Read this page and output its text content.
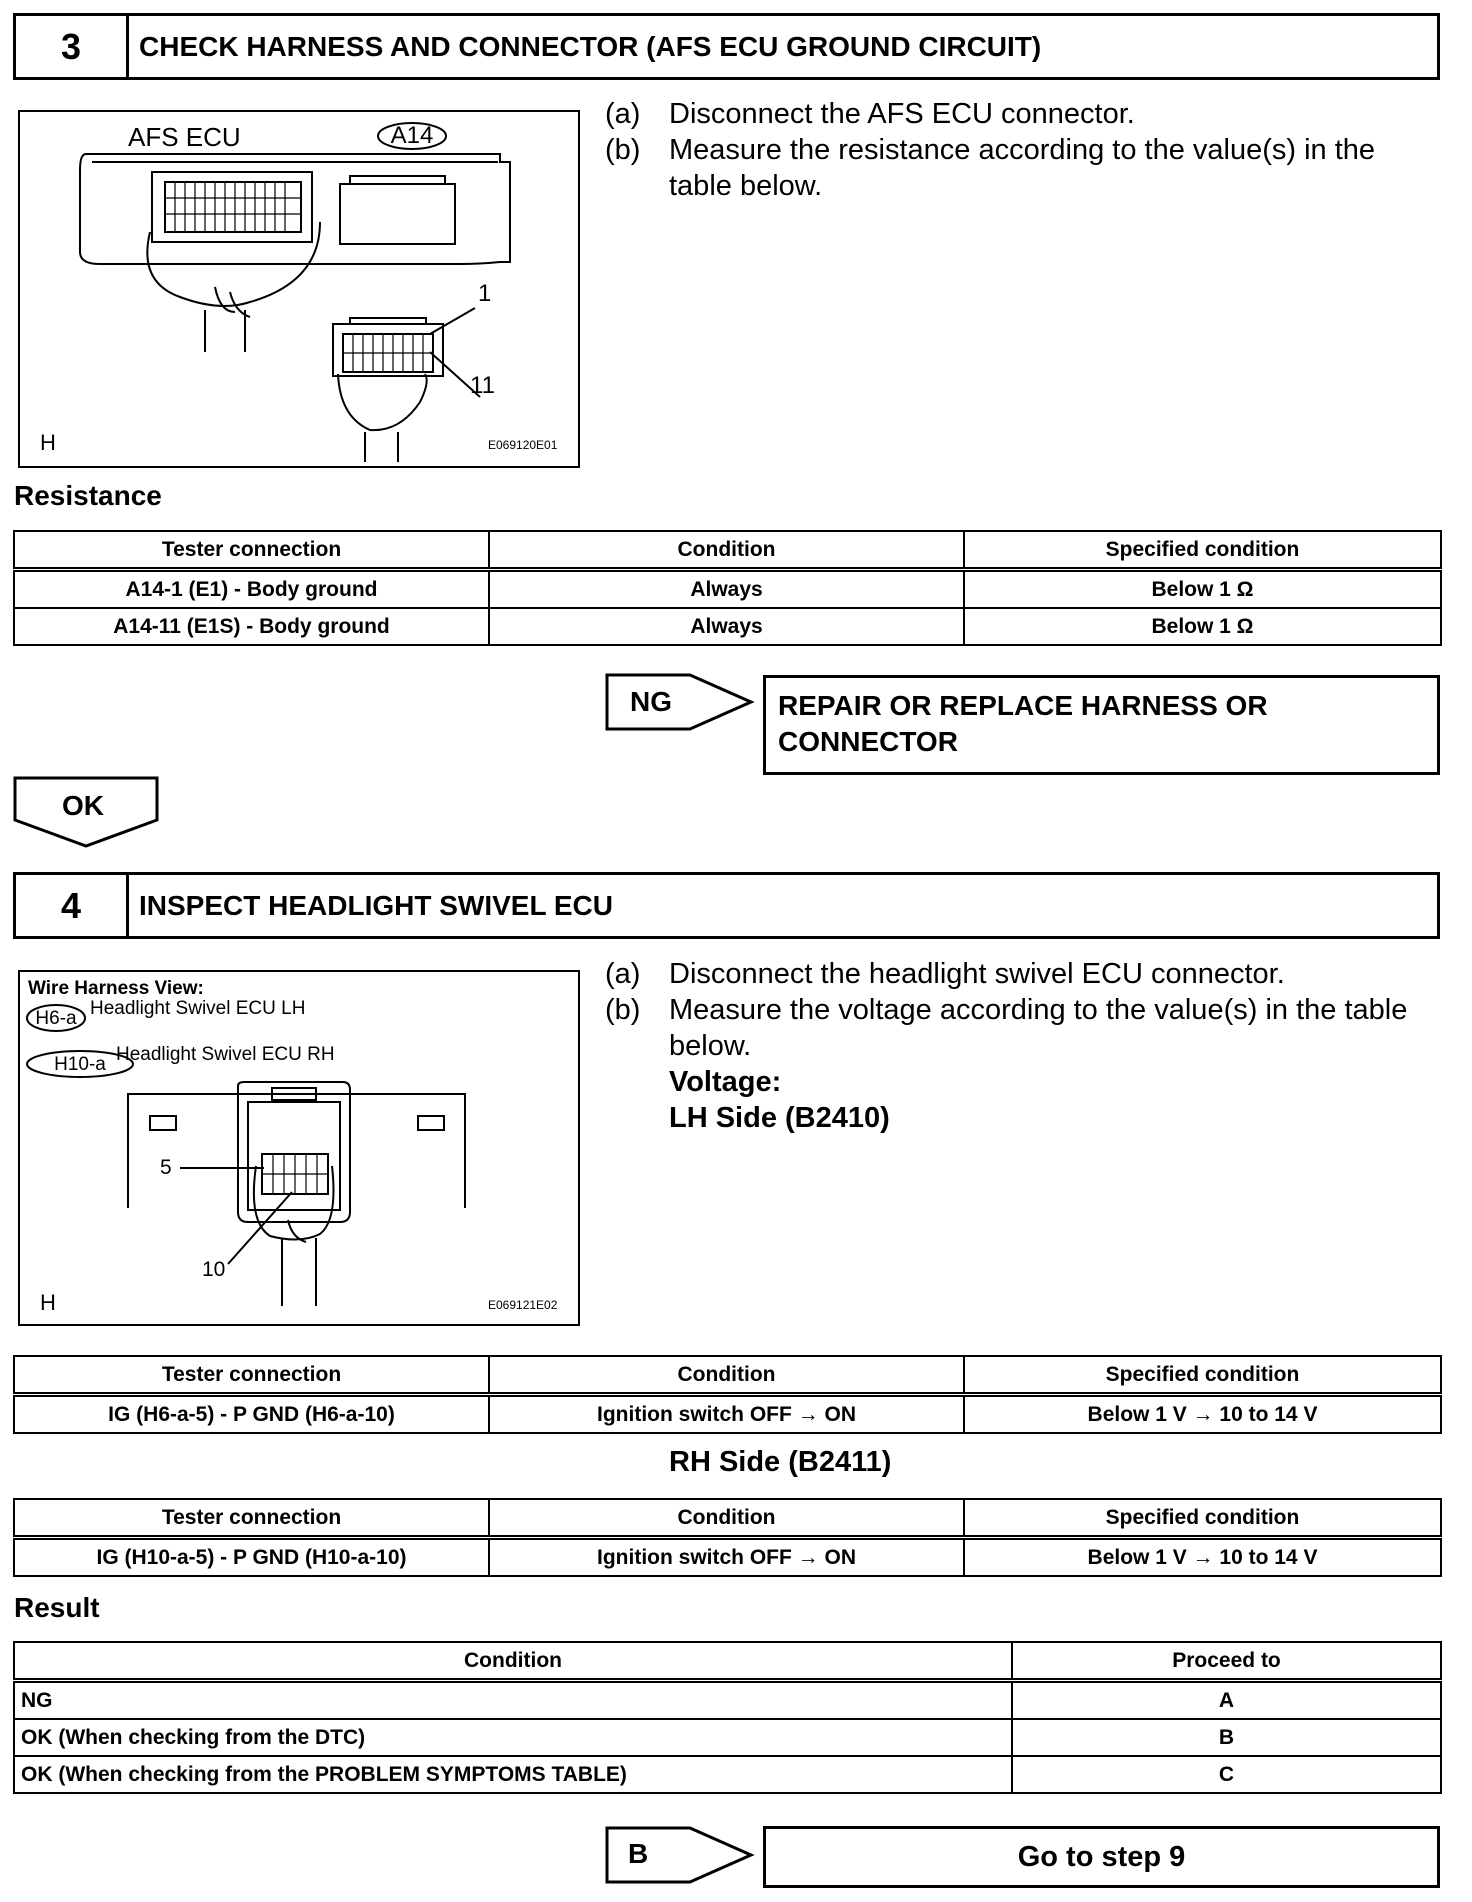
3	CHECK HARNESS AND CONNECTOR (AFS ECU GROUND CIRCUIT)
AFS ECU	A14
1
11
H	E069120E01
(a) Disconnect the AFS ECU connector.
(b) Measure the resistance according to the value(s) in the table below.
Resistance
Tester connection	Condition	Specified condition
A14-1 (E1) - Body ground	Always	Below 1 Ω
A14-11 (E1S) - Body ground	Always	Below 1 Ω
NG	REPAIR OR REPLACE HARNESS OR CONNECTOR
OK
4	INSPECT HEADLIGHT SWIVEL ECU
Wire Harness View:
H6-a Headlight Swivel ECU LH
H10-a Headlight Swivel ECU RH
5
10
H	E069121E02
(a) Disconnect the headlight swivel ECU connector.
(b) Measure the voltage according to the value(s) in the table below.
Voltage:
LH Side (B2410)
Tester connection	Condition	Specified condition
IG (H6-a-5) - P GND (H6-a-10)	Ignition switch OFF → ON	Below 1 V → 10 to 14 V
RH Side (B2411)
Tester connection	Condition	Specified condition
IG (H10-a-5) - P GND (H10-a-10)	Ignition switch OFF → ON	Below 1 V → 10 to 14 V
Result
Condition	Proceed to
NG	A
OK (When checking from the DTC)	B
OK (When checking from the PROBLEM SYMPTOMS TABLE)	C
B	Go to step 9
